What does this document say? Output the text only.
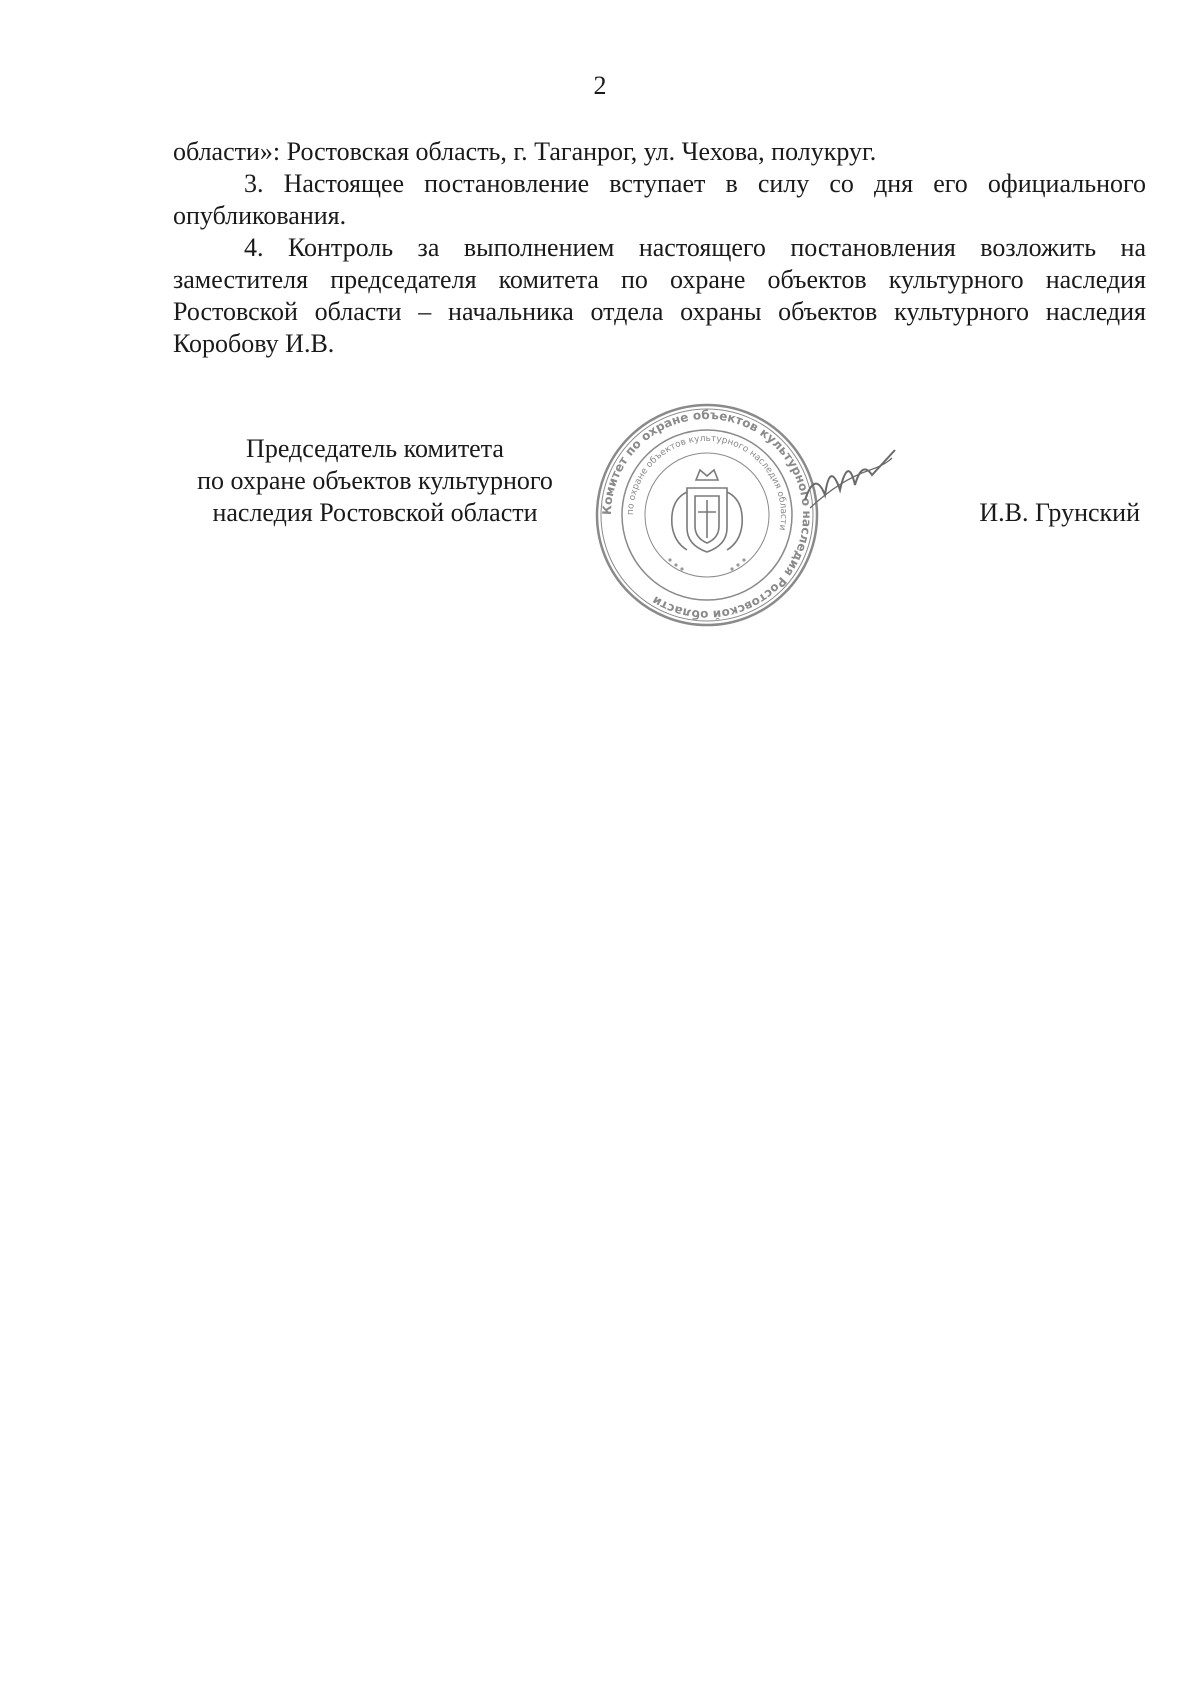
2

области»: Ростовская область, г. Таганрог, ул. Чехова, полукруг.

3. Настоящее постановление вступает в силу со дня его официального опубликования.

4. Контроль за выполнением настоящего постановления возложить на заместителя председателя комитета по охране объектов культурного наследия Ростовской области – начальника отдела охраны объектов культурного наследия Коробову И.В.

Председатель комитета
по охране объектов культурного
наследия Ростовской области	Комитет по охране объектов культурного наследия Ростовской области
по охране объектов культурного наследия области
И.В. Грунский
